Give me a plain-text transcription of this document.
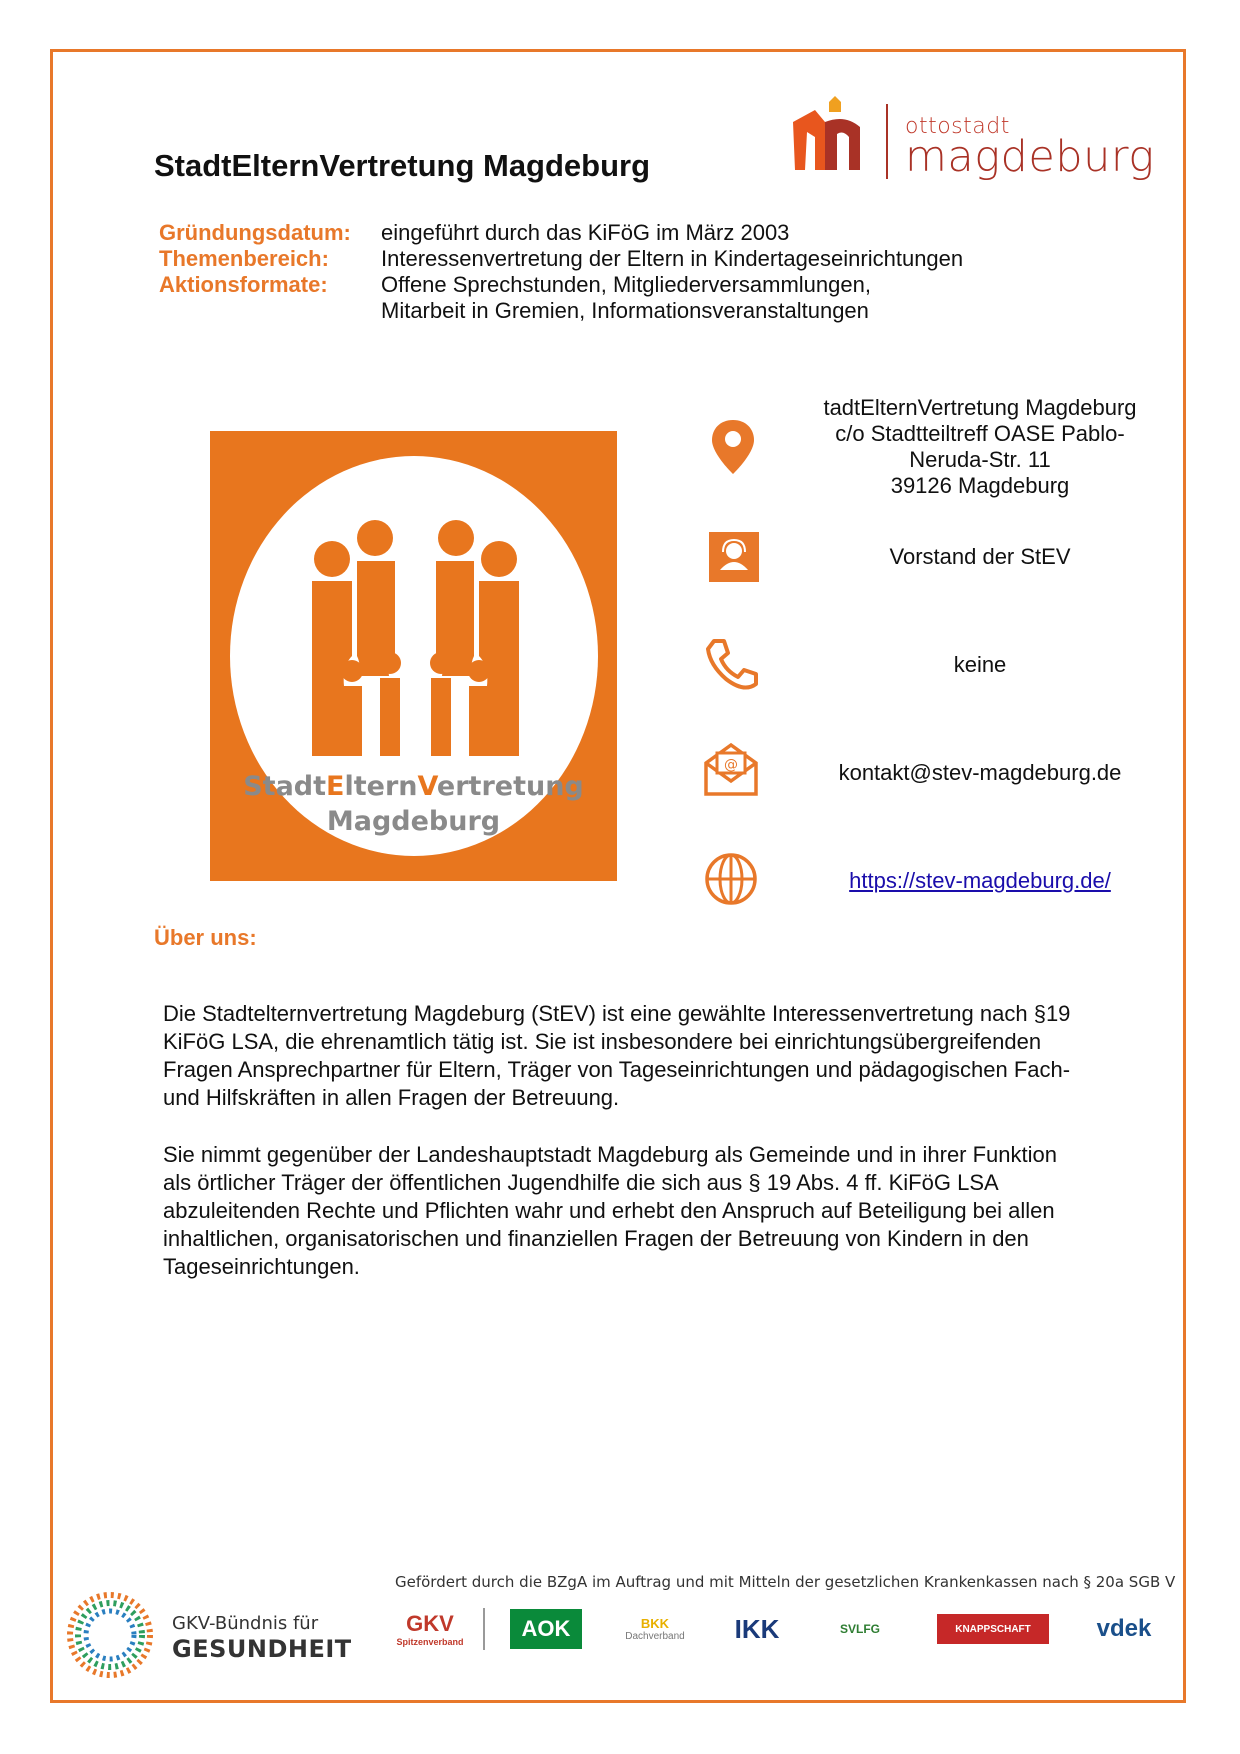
StadtElternVertretung Magdeburg
ottostadt
magdeburg
Gründungsdatum:	eingeführt durch das KiFöG im März 2003
Themenbereich:	Interessenvertretung der Eltern in Kindertageseinrichtungen
Aktionsformate:	Offene Sprechstunden, Mitgliederversammlungen,
Mitarbeit in Gremien, Informationsveranstaltungen
StadtElternVertretung
Magdeburg
@
tadtElternVertretung Magdeburg
c/o Stadtteiltreff OASE Pablo-
Neruda-Str. 11
39126 Magdeburg
Vorstand der StEV
keine
kontakt@stev-magdeburg.de
https://stev-magdeburg.de/
Über uns:
Die Stadtelternvertretung Magdeburg (StEV) ist eine gewählte Interessenvertretung nach §19
KiFöG LSA, die ehrenamtlich tätig ist. Sie ist insbesondere bei einrichtungsübergreifenden
Fragen Ansprechpartner für Eltern, Träger von Tageseinrichtungen und pädagogischen Fach-
und Hilfskräften in allen Fragen der Betreuung.
Sie nimmt gegenüber der Landeshauptstadt Magdeburg als Gemeinde und in ihrer Funktion
als örtlicher Träger der öffentlichen Jugendhilfe die sich aus § 19 Abs. 4 ff. KiFöG LSA
abzuleitenden Rechte und Pflichten wahr und erhebt den Anspruch auf Beteiligung bei allen
inhaltlichen, organisatorischen und finanziellen Fragen der Betreuung von Kindern in den
Tageseinrichtungen.
Gefördert durch die BZgA im Auftrag und mit Mitteln der gesetzlichen Krankenkassen nach § 20a SGB V
GKV-Bündnis für
GESUNDHEIT
GKV
Spitzenverband
AOK	BKK
Dachverband	IKK	SVLFG	KNAPPSCHAFT	vdek
